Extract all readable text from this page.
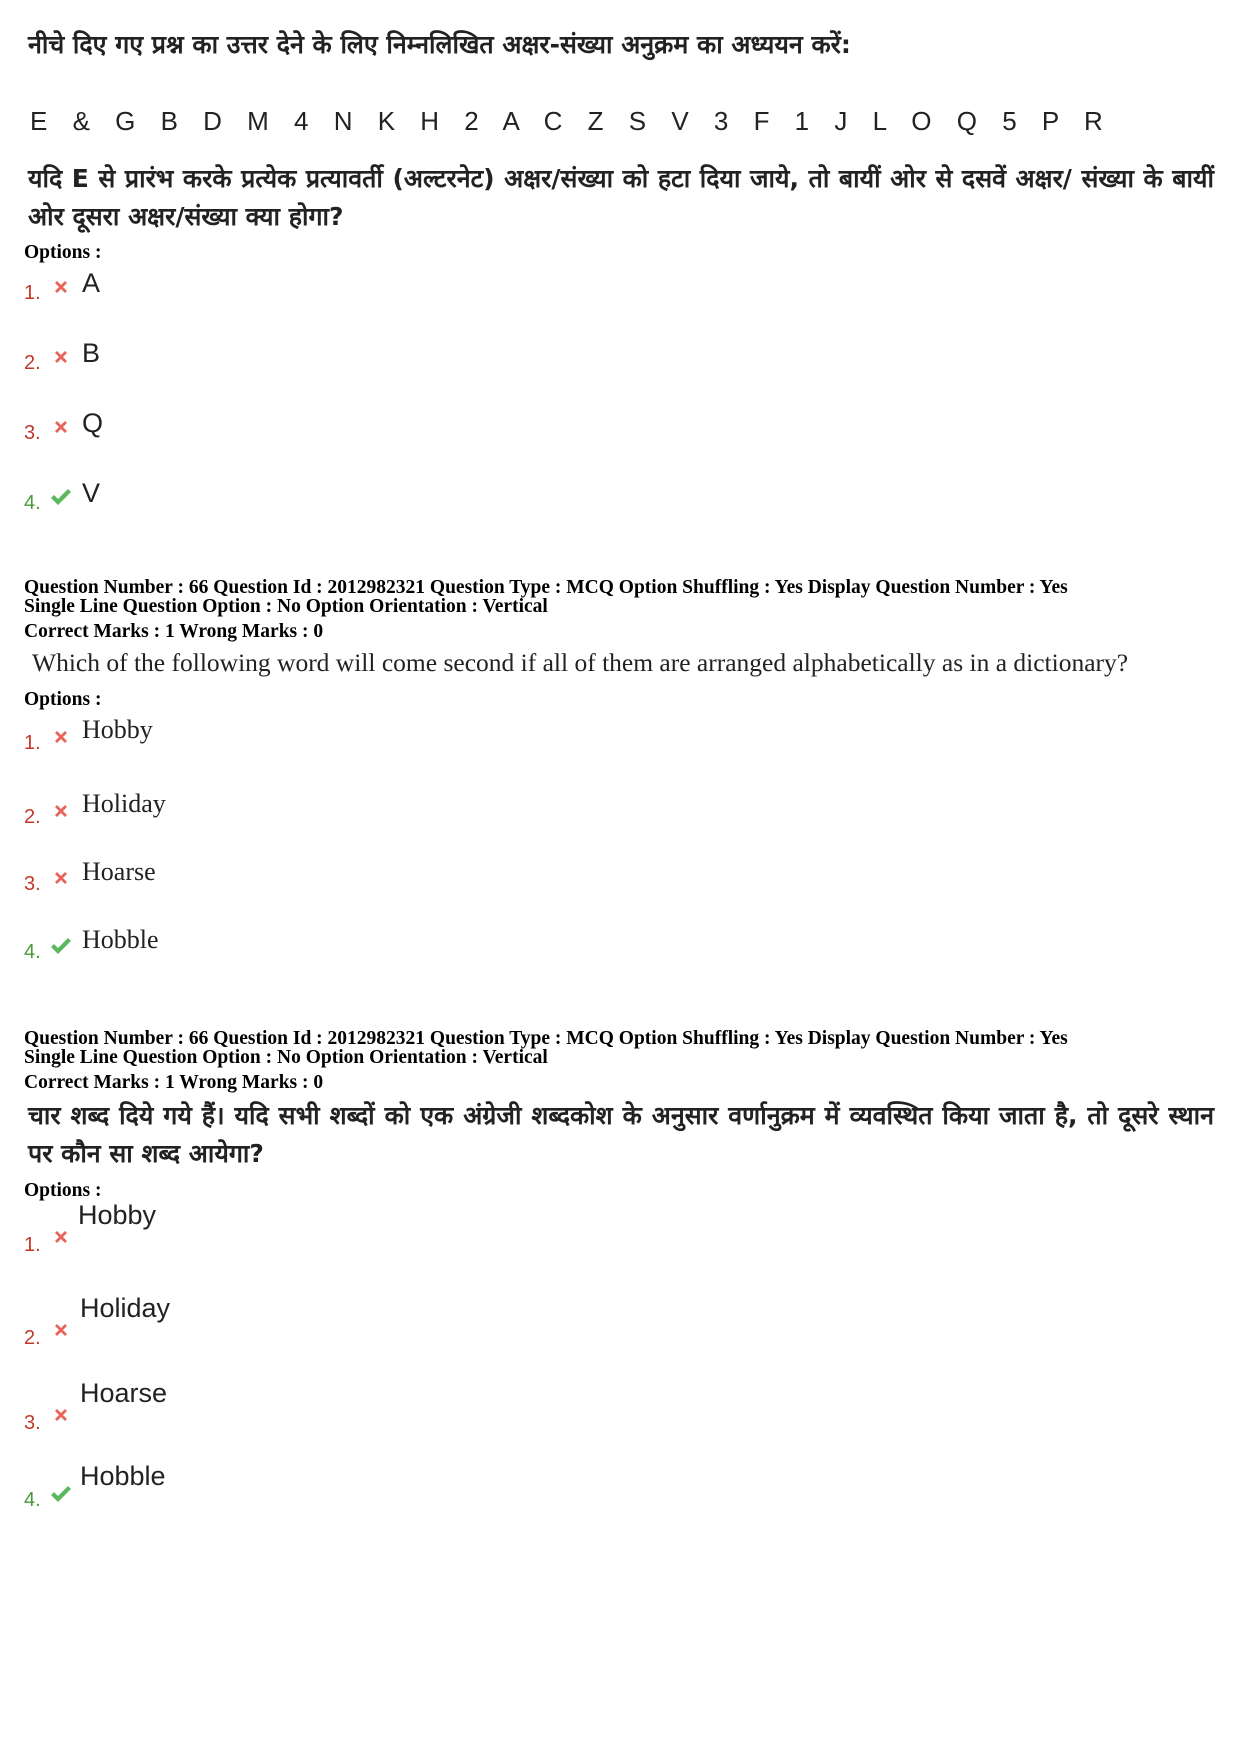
नीचे दिए गए प्रश्न का उत्तर देने के लिए निम्नलिखित अक्षर-संख्या अनुक्रम का अध्ययन करें:
E & G B D M 4 N K H 2 A C Z S V 3 F 1 J L O Q 5 P R
यदि E से प्रारंभ करके प्रत्येक प्रत्यावर्ती (अल्टरनेट) अक्षर/संख्या को हटा दिया जाये, तो बायीं ओर से दसवें अक्षर/ संख्या के बायीं ओर दूसरा अक्षर/संख्या क्या होगा?
Options :
1. A
2. B
3. Q
4. V
Question Number : 66 Question Id : 2012982321 Question Type : MCQ Option Shuffling : Yes Display Question Number : Yes
Single Line Question Option : No Option Orientation : Vertical
Correct Marks : 1 Wrong Marks : 0
Which of the following word will come second if all of them are arranged alphabetically as in a dictionary?
Options :
1. Hobby
2. Holiday
3. Hoarse
4. Hobble
Question Number : 66 Question Id : 2012982321 Question Type : MCQ Option Shuffling : Yes Display Question Number : Yes
Single Line Question Option : No Option Orientation : Vertical
Correct Marks : 1 Wrong Marks : 0
चार शब्द दिये गये हैं। यदि सभी शब्दों को एक अंग्रेजी शब्दकोश के अनुसार वर्णानुक्रम में व्यवस्थित किया जाता है, तो दूसरे स्थान पर कौन सा शब्द आयेगा?
Options :
1.
Hobby
2.
Holiday
3.
Hoarse
4.
Hobble
